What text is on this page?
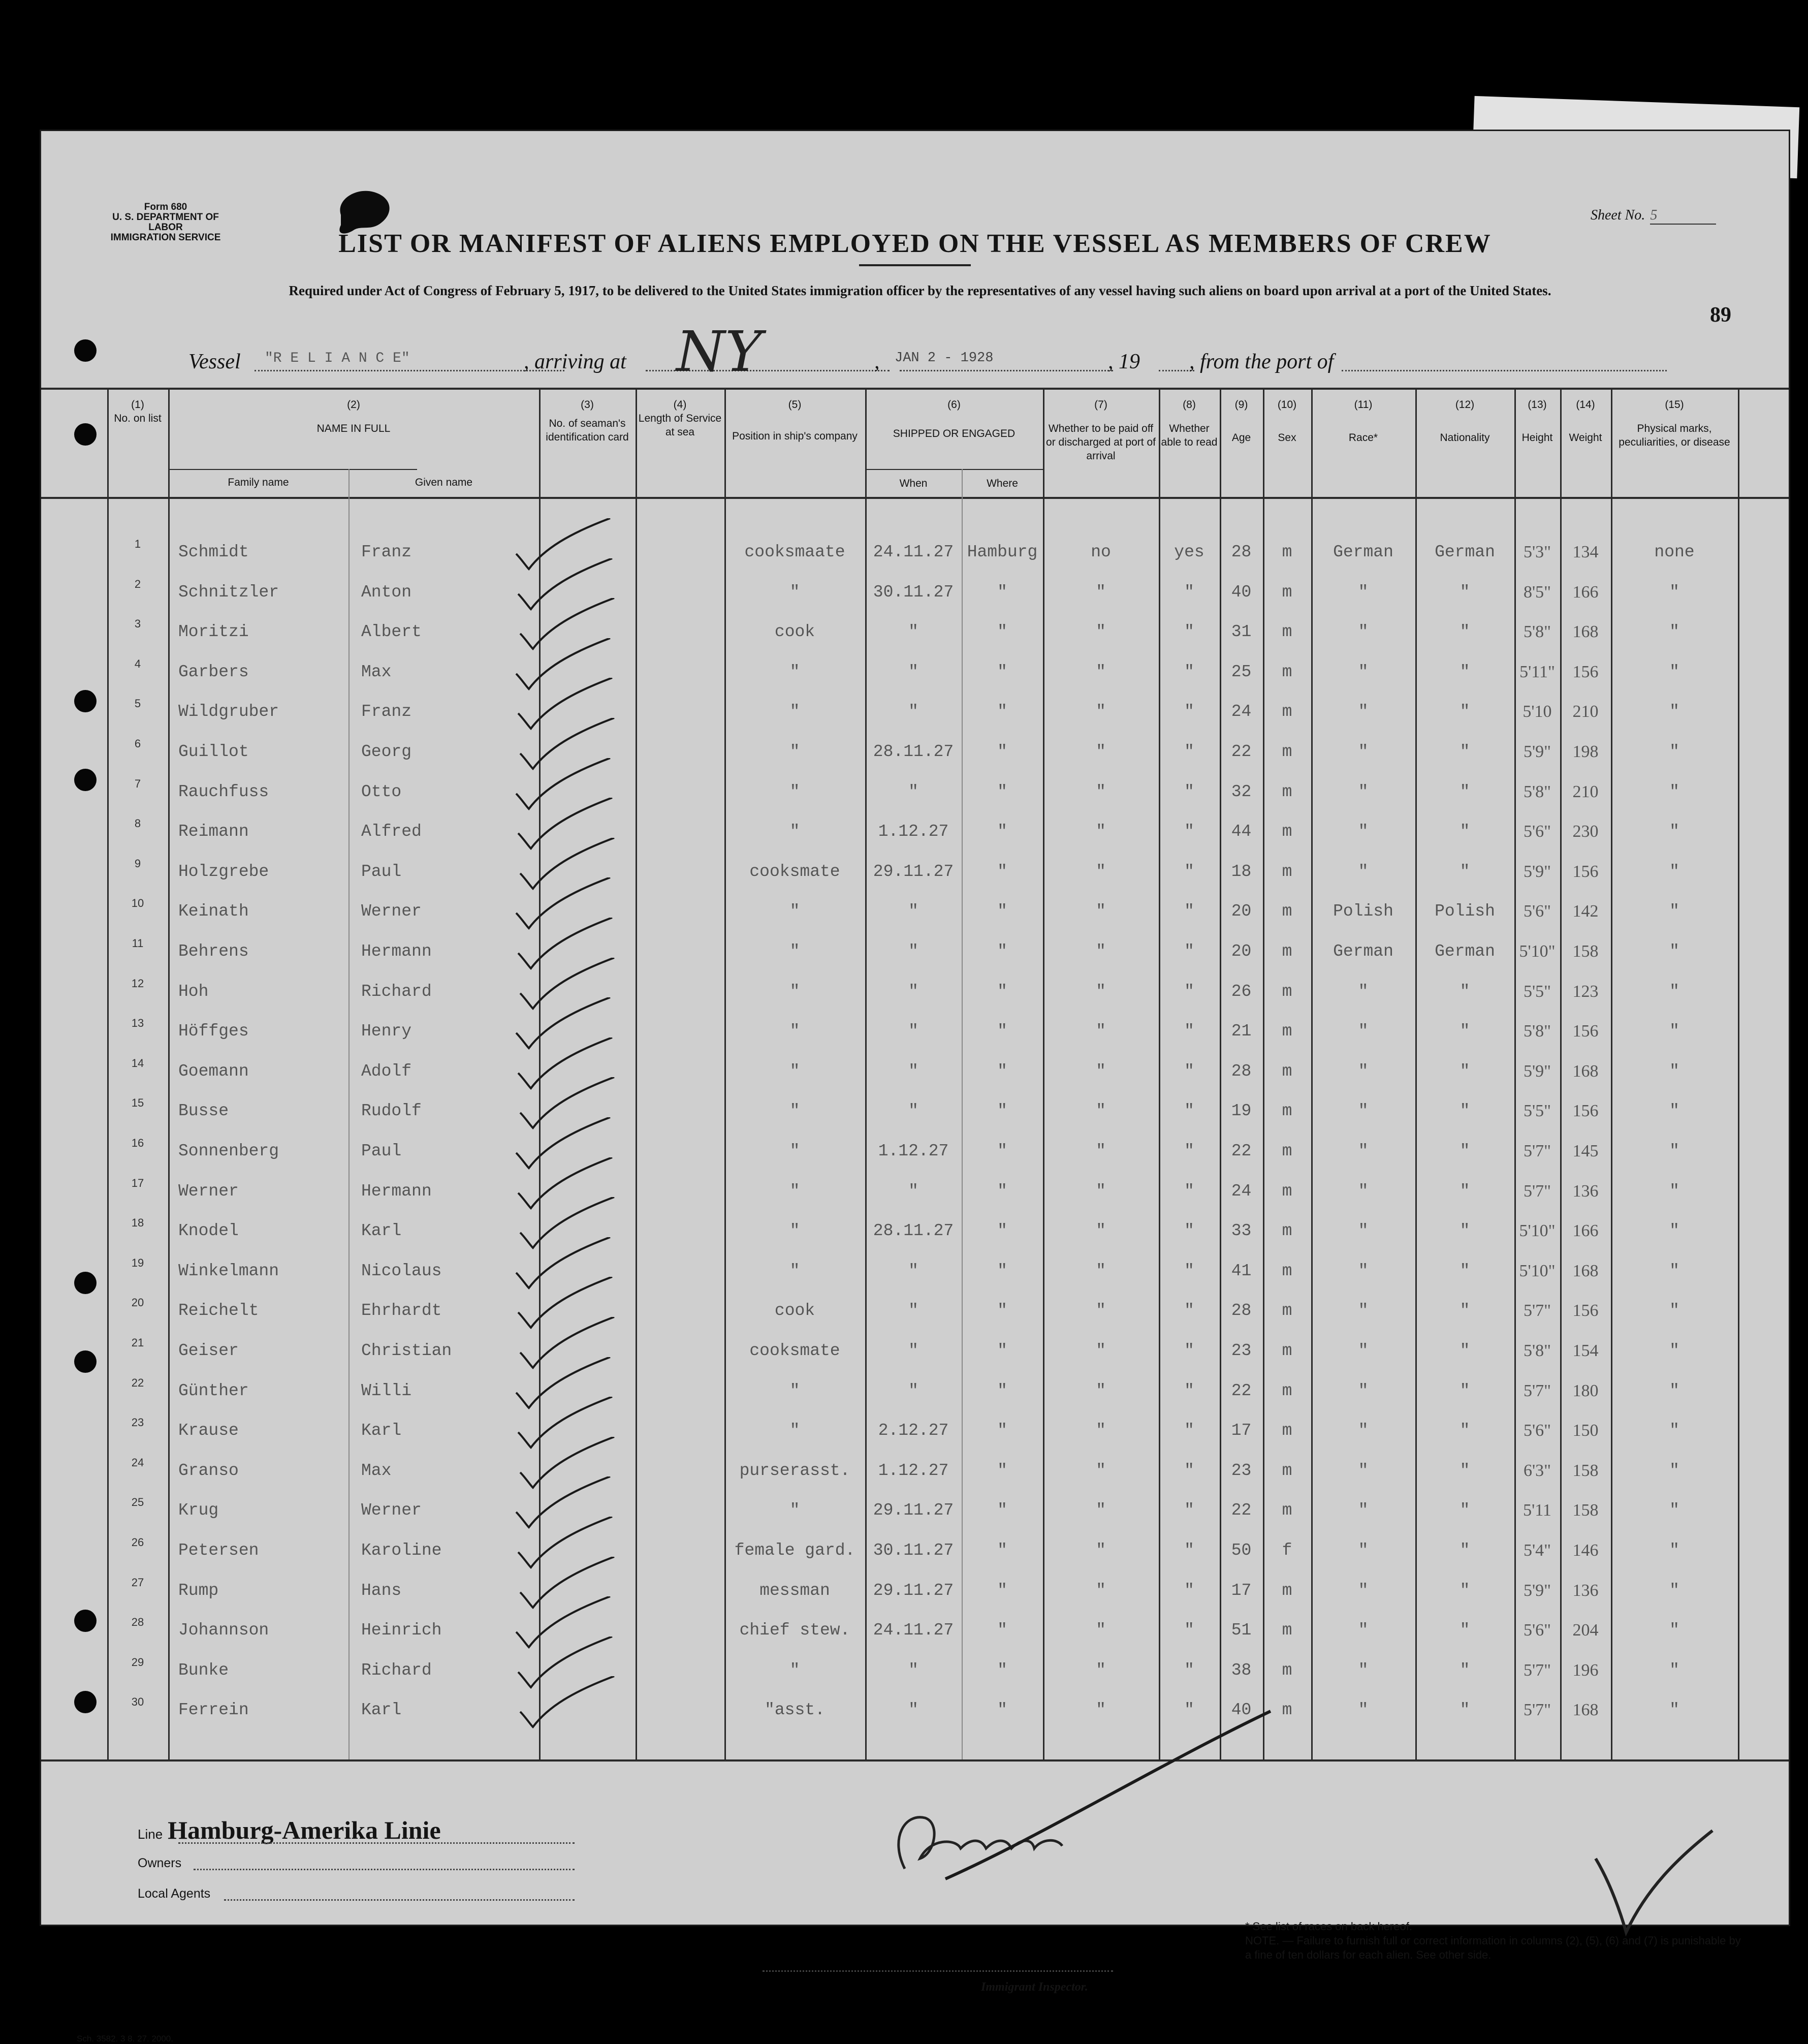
Form 680
U. S. DEPARTMENT OF LABOR
IMMIGRATION SERVICE
Sheet No. 5
LIST OR MANIFEST OF ALIENS EMPLOYED ON THE VESSEL AS MEMBERS OF CREW
Required under Act of Congress of February 5, 1917, to be delivered to the United States immigration officer by the representatives of any vessel having such aliens on board upon arrival at a port of the United States.
89
Vessel "R E L I A N C E"	, arriving at NY	, JAN 2 - 1928	, 19 , from the port of
(1)
No. on list
(2)
NAME IN FULL
Family name	Given name
(3)
No. of seaman's identification card
(4)
Length of Service at sea
(5)
Position in ship's company
(6)
SHIPPED OR ENGAGED
When	Where
(7)
Whether to be paid off or discharged at port of arrival
(8)
Whether able to read
(9)
Age
(10)
Sex
(11)
Race*
(12)
Nationality
(13)
Height
(14)
Weight
(15)
Physical marks, peculiarities, or disease
1	Schmidt	Franz	cooksmaate	24.11.27 Hamburg	no	yes	28	m	German	German	5'3"	134	none
2	Schnitzler	Anton	"	30.11.27	"	"	"	40	m	"	"	8'5"	166	"
3	Moritzi	Albert	cook	"	"	"	"	31	m	"	"	5'8"	168	"
4	Garbers	Max	"	"	"	"	"	25	m	"	"	5'11"	156	"
5	Wildgruber	Franz	"	"	"	"	"	24	m	"	"	5'10	210	"
6	Guillot	Georg	"	28.11.27	"	"	"	22	m	"	"	5'9"	198	"
7	Rauchfuss	Otto	"	"	"	"	"	32	m	"	"	5'8"	210	"
8	Reimann	Alfred	"	1.12.27	"	"	"	44	m	"	"	5'6"	230	"
9	Holzgrebe	Paul	cooksmate	29.11.27	"	"	"	18	m	"	"	5'9"	156	"
10	Keinath	Werner	"	"	"	"	"	20	m	Polish	Polish	5'6"	142	"
11	Behrens	Hermann	"	"	"	"	"	20	m	German	German	5'10"	158	"
12	Hoh	Richard	"	"	"	"	"	26	m	"	"	5'5"	123	"
13	Höffges	Henry	"	"	"	"	"	21	m	"	"	5'8"	156	"
14	Goemann	Adolf	"	"	"	"	"	28	m	"	"	5'9"	168	"
15	Busse	Rudolf	"	"	"	"	"	19	m	"	"	5'5"	156	"
16	Sonnenberg	Paul	"	1.12.27	"	"	"	22	m	"	"	5'7"	145	"
17	Werner	Hermann	"	"	"	"	"	24	m	"	"	5'7"	136	"
18	Knodel	Karl	"	28.11.27	"	"	"	33	m	"	"	5'10"	166	"
19	Winkelmann	Nicolaus	"	"	"	"	"	41	m	"	"	5'10"	168	"
20	Reichelt	Ehrhardt	cook	"	"	"	"	28	m	"	"	5'7"	156	"
21	Geiser	Christian	cooksmate	"	"	"	"	23	m	"	"	5'8"	154	"
22	Günther	Willi	"	"	"	"	"	22	m	"	"	5'7"	180	"
23	Krause	Karl	"	2.12.27	"	"	"	17	m	"	"	5'6"	150	"
24	Granso	Max	purserasst.	1.12.27	"	"	"	23	m	"	"	6'3"	158	"
25	Krug	Werner	"	29.11.27	"	"	"	22	m	"	"	5'11	158	"
26	Petersen	Karoline	female gard.	30.11.27	"	"	"	50	f	"	"	5'4"	146	"
27	Rump	Hans	messman	29.11.27	"	"	"	17	m	"	"	5'9"	136	"
28	Johannson	Heinrich	chief stew.	24.11.27	"	"	"	51	m	"	"	5'6"	204	"
29	Bunke	Richard	"	"	"	"	"	38	m	"	"	5'7"	196	"
30	Ferrein	Karl	"asst.	"	"	"	"	40	m	"	"	5'7"	168	"
Line Hamburg-Amerika Linie
Owners
Local Agents
Immigrant Inspector.
* See list of races on back hereof.
NOTE. — Failure to furnish full or correct information in columns (2), (5), (6) and (7) is punishable by a fine of ten dollars for each alien. See other side.
Sch. 3582. 3 8. 27. 2000.
